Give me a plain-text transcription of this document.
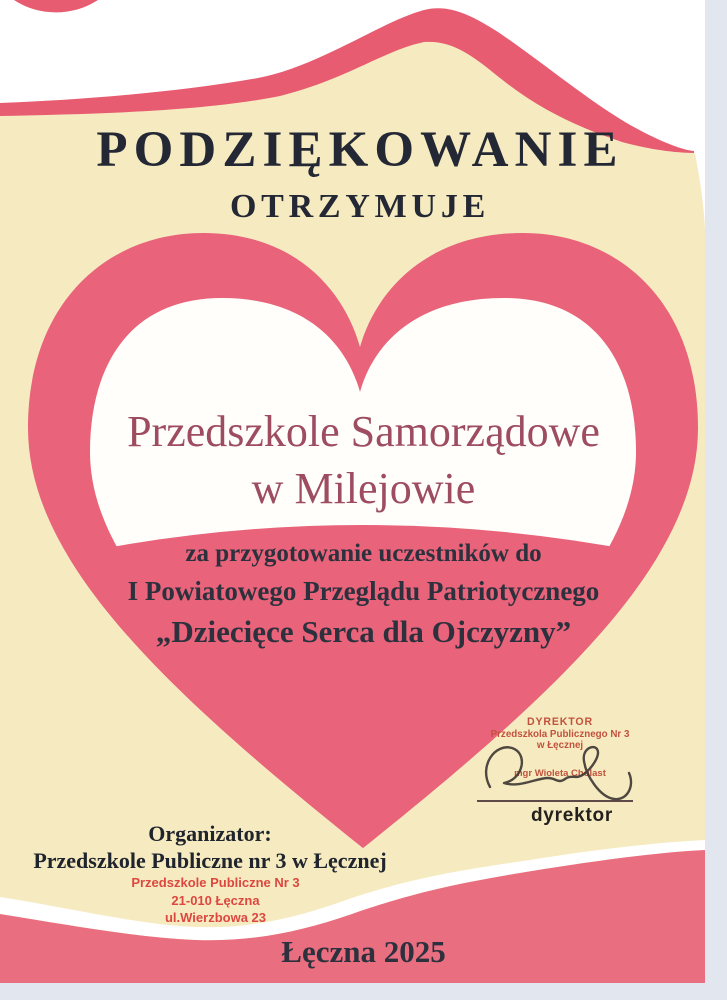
PODZIĘKOWANIE
OTRZYMUJE
Przedszkole Samorządowe
w Milejowie
za przygotowanie uczestników do
I Powiatowego Przeglądu Patriotycznego
„Dziecięce Serca dla Ojczyzny”
DYREKTOR
Przedszkola Publicznego Nr 3
w Łęcznej
mgr Wioleta Cholast
dyrektor
Organizator:
Przedszkole Publiczne nr 3 w Łęcznej
Przedszkole Publiczne Nr 3
21-010 Łęczna
ul.Wierzbowa 23
Łęczna 2025
